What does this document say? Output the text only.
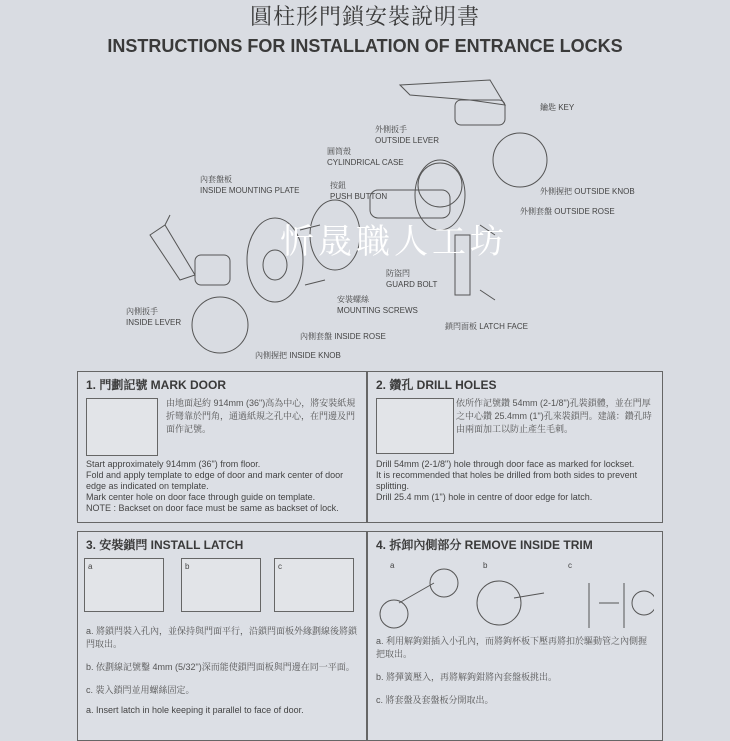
圓柱形門鎖安裝說明書
INSTRUCTIONS FOR INSTALLATION OF ENTRANCE LOCKS
外側扳手
OUTSIDE LEVER
鑰匙 KEY
圓筒殼
CYLINDRICAL CASE
內套盤板
INSIDE MOUNTING PLATE
按鈕
PUSH BUTTON
外側握把 OUTSIDE KNOB
外側套盤 OUTSIDE ROSE
防盜閂
GUARD BOLT
安裝螺絲
MOUNTING SCREWS
內側扳手
INSIDE LEVER	鎖閂面板 LATCH FACE
內側套盤 INSIDE ROSE
內側握把 INSIDE KNOB
忻晟職人工坊
1. 門劃記號 MARK DOOR
由地面起約 914mm (36")高為中心，將安裝紙規折彎靠於門角，通過紙規之孔中心，在門邊及門面作記號。
Start approximately 914mm (36") from floor.
Fold and apply template to edge of door and mark center of door edge as indicated on template.
Mark center hole on door face through guide on template.
NOTE : Backset on door face must be same as backset of lock.
2. 鑽孔 DRILL HOLES
依所作記號鑽 54mm (2-1/8")孔裝鎖體，並在門厚之中心鑽 25.4mm (1")孔來裝鎖閂。建議：鑽孔時由兩面加工以防止產生毛刺。
Drill 54mm (2-1/8") hole through door face as marked for lockset.
It is recommended that holes be drilled from both sides to prevent splitting.
Drill 25.4 mm (1") hole in centre of door edge for latch.
3. 安裝鎖閂 INSTALL LATCH
a	b	c
a. 將鎖閂裝入孔內，並保持與門面平行，沿鎖閂面板外緣劃線後將鎖閂取出。
b. 依劃線記號鑿 4mm (5/32")深而能使鎖閂面板與門邊在同一平面。
c. 裝入鎖閂並用螺絲固定。
a. Insert latch in hole keeping it parallel to face of door.
4. 拆卸內側部分 REMOVE INSIDE TRIM
a	b	c
a. 利用解鉤鉗插入小孔內，而將鉤杯板下壓再將扣於驅動管之內側握把取出。
b. 將彈簧壓入，再將解鉤鉗將內套盤板挑出。
c. 將套盤及套盤板分開取出。
